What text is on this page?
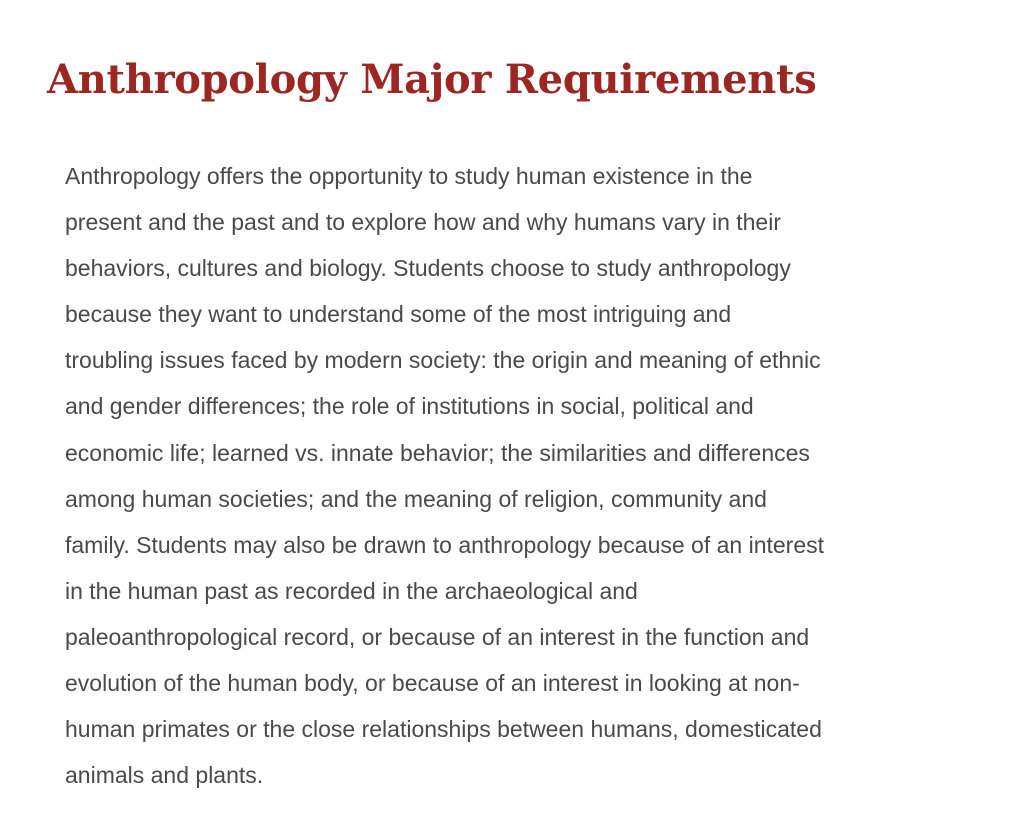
Anthropology Major Requirements

Anthropology offers the opportunity to study human existence in the
present and the past and to explore how and why humans vary in their
behaviors, cultures and biology. Students choose to study anthropology
because they want to understand some of the most intriguing and
troubling issues faced by modern society: the origin and meaning of ethnic
and gender differences; the role of institutions in social, political and
economic life; learned vs. innate behavior; the similarities and differences
among human societies; and the meaning of religion, community and
family. Students may also be drawn to anthropology because of an interest
in the human past as recorded in the archaeological and
paleoanthropological record, or because of an interest in the function and
evolution of the human body, or because of an interest in looking at non-
human primates or the close relationships between humans, domesticated
animals and plants.
